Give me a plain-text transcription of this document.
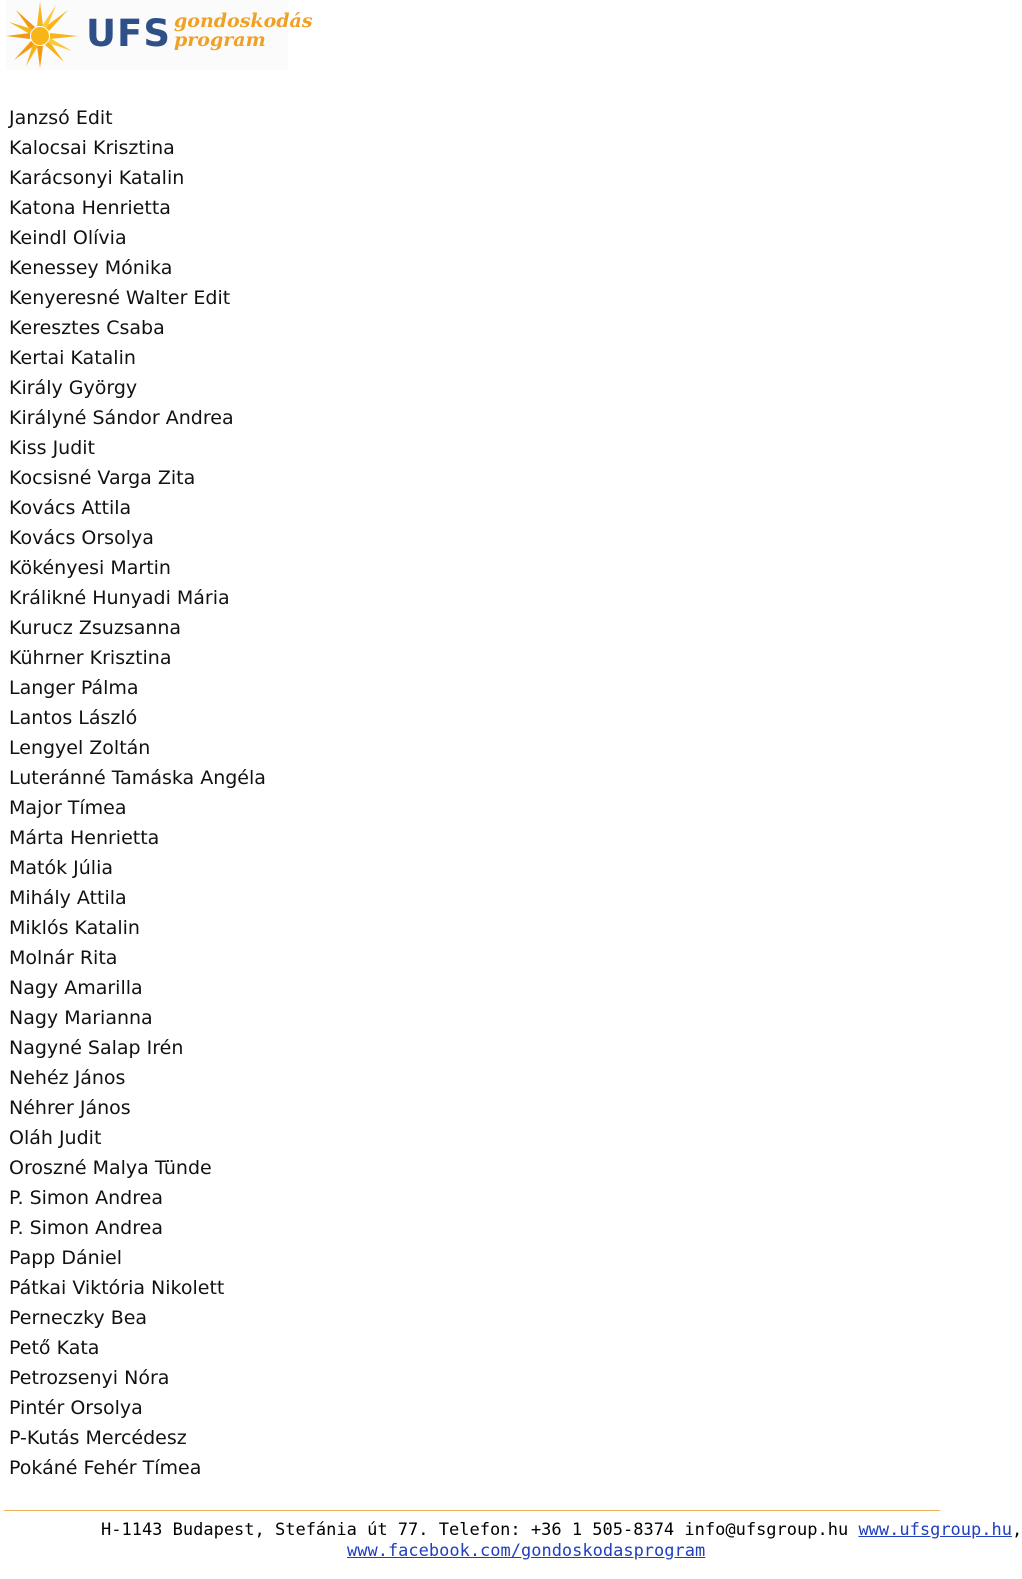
UFS gondoskodás program
Janzsó Edit
Kalocsai Krisztina
Karácsonyi Katalin
Katona Henrietta
Keindl Olívia
Kenessey Mónika
Kenyeresné Walter Edit
Keresztes Csaba
Kertai Katalin
Király György
Királyné Sándor Andrea
Kiss Judit
Kocsisné Varga Zita
Kovács Attila
Kovács Orsolya
Kökényesi Martin
Králikné Hunyadi Mária
Kurucz Zsuzsanna
Kührner Krisztina
Langer Pálma
Lantos László
Lengyel Zoltán
Luteránné Tamáska Angéla
Major Tímea
Márta Henrietta
Matók Júlia
Mihály Attila
Miklós Katalin
Molnár Rita
Nagy Amarilla
Nagy Marianna
Nagyné Salap Irén
Nehéz János
Néhrer János
Oláh Judit
Oroszné Malya Tünde
P. Simon Andrea
P. Simon Andrea
Papp Dániel
Pátkai Viktória Nikolett
Perneczky Bea
Pető Kata
Petrozsenyi Nóra
Pintér Orsolya
P-Kutás Mercédesz
Pokáné Fehér Tímea
H-1143 Budapest, Stefánia út 77. Telefon: +36 1 505-8374 info@ufsgroup.hu www.ufsgroup.hu,
www.facebook.com/gondoskodasprogram
